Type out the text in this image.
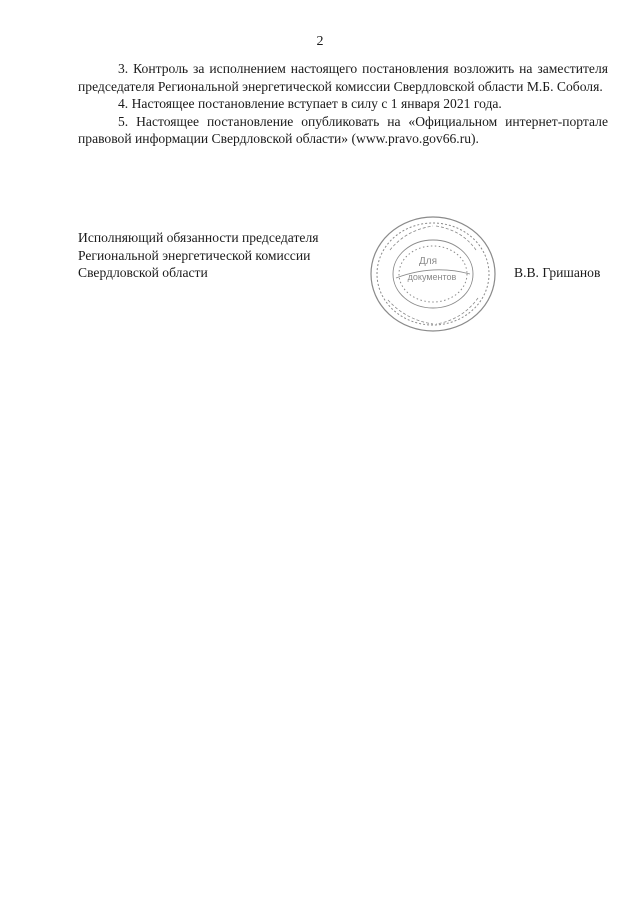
2

3. Контроль за исполнением настоящего постановления возложить на заместителя председателя Региональной энергетической комиссии Свердловской области М.Б. Соболя.

4. Настоящее постановление вступает в силу с 1 января 2021 года.

5. Настоящее постановление опубликовать на «Официальном интернет-портале правовой информации Свердловской области» (www.pravo.gov66.ru).

Исполняющий обязанности председателя
Региональной энергетической комиссии
Свердловской области
Для
документов	В.В. Гришанов
